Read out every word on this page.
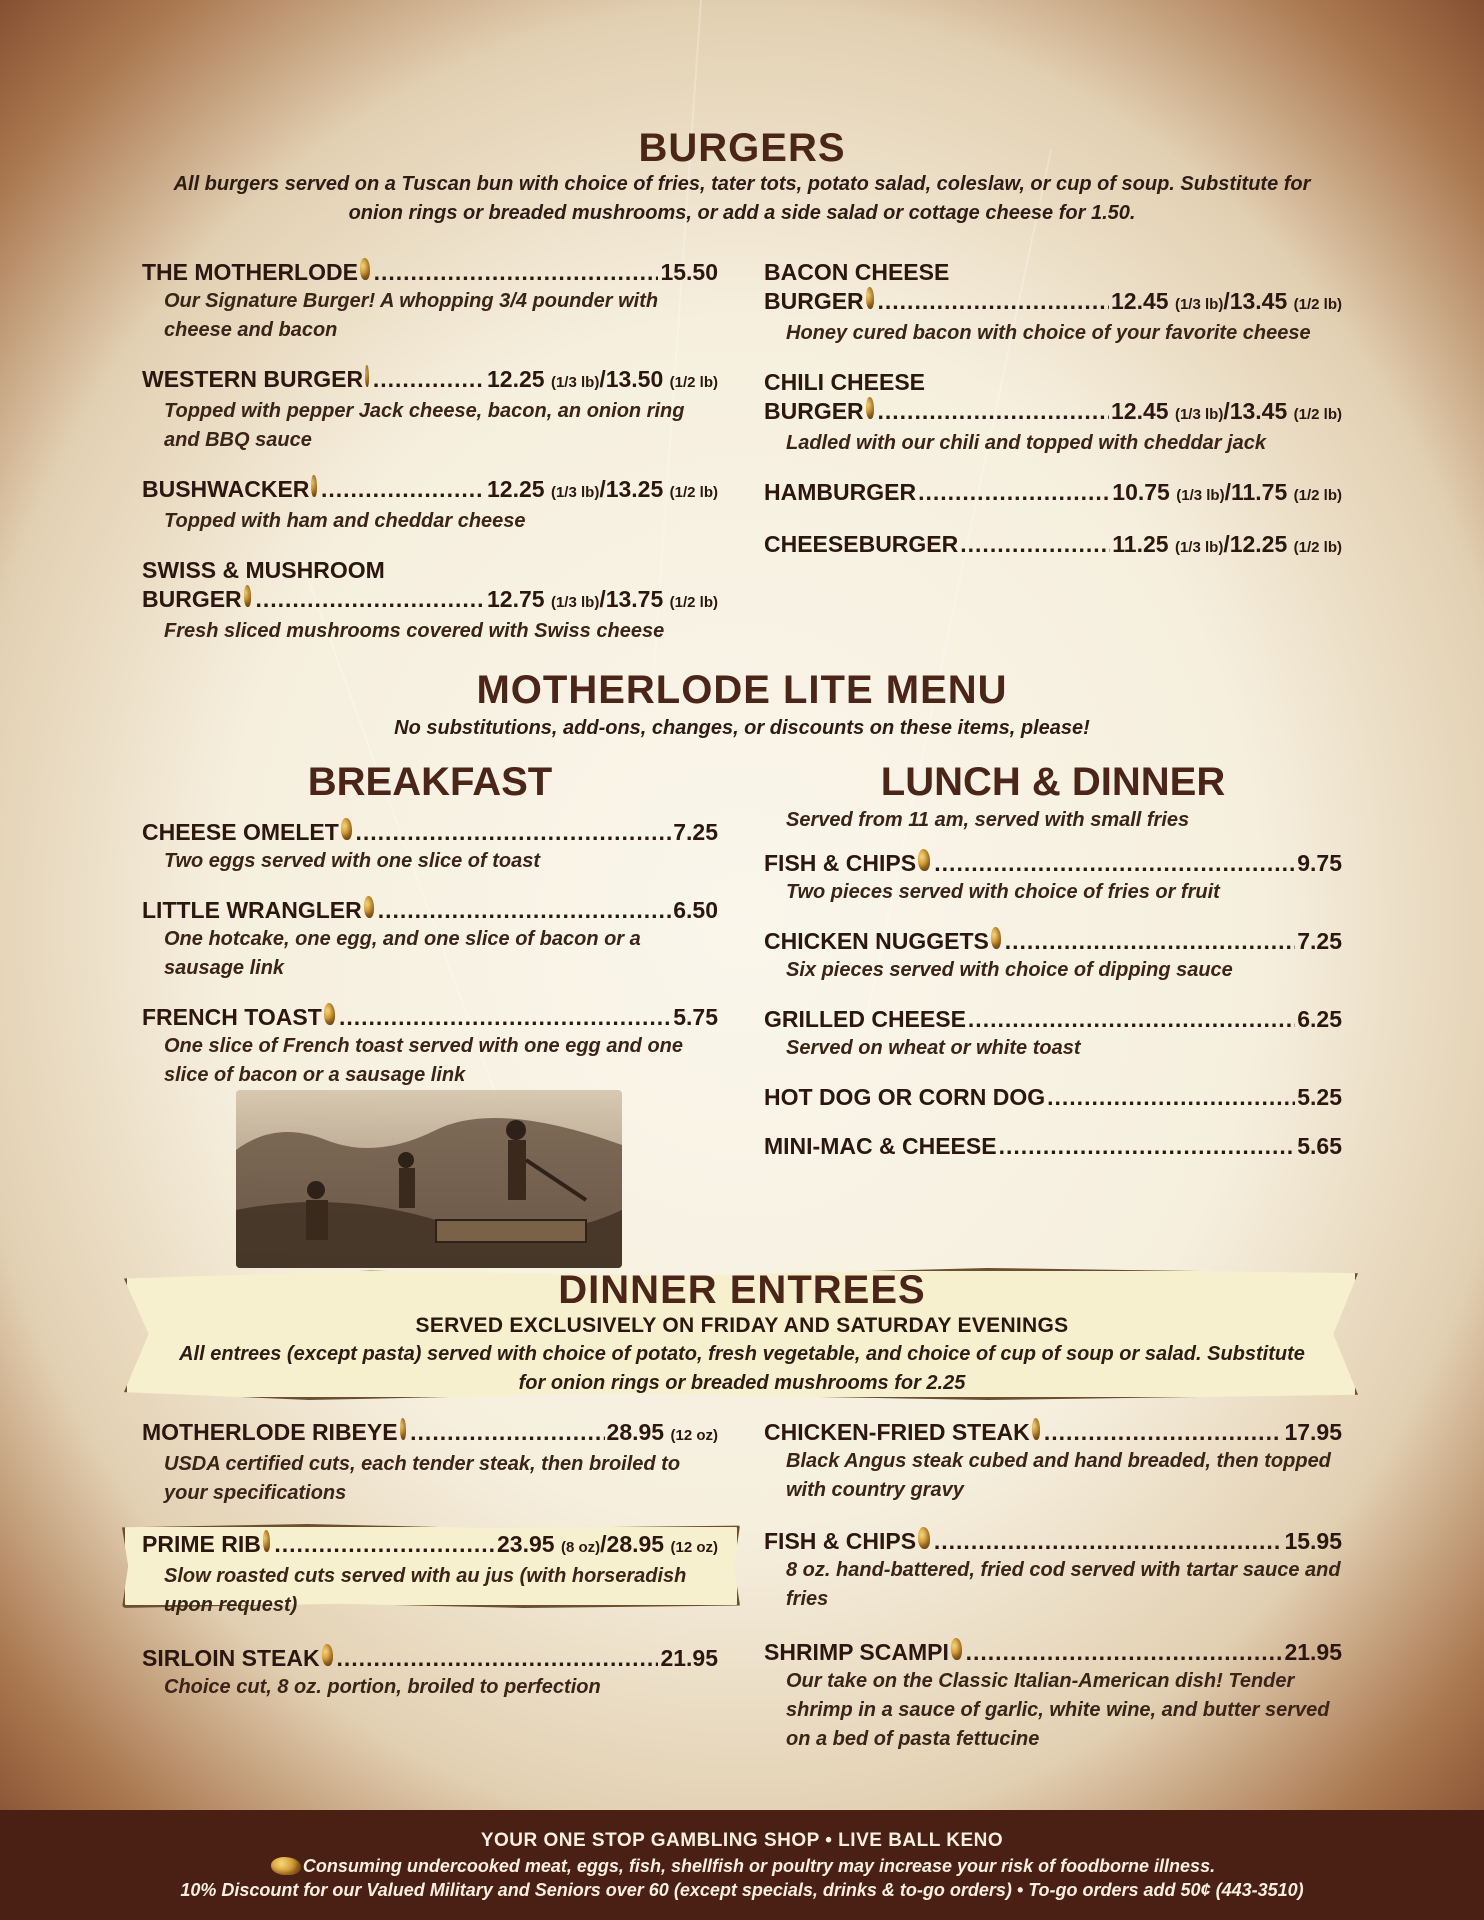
BURGERS
All burgers served on a Tuscan bun with choice of fries, tater tots, potato salad, coleslaw, or cup of soup. Substitute for onion rings or breaded mushrooms, or add a side salad or cottage cheese for 1.50.
THE MOTHERLODE .....	15.50
Our Signature Burger! A whopping 3/4 pounder with cheese and bacon
WESTERN BURGER .....	12.25 (1/3 lb)/13.50 (1/2 lb)
Topped with pepper Jack cheese, bacon, an onion ring and BBQ sauce
BUSHWACKER .....	12.25 (1/3 lb)/13.25 (1/2 lb)
Topped with ham and cheddar cheese
SWISS & MUSHROOM
BURGER .....	12.75 (1/3 lb)/13.75 (1/2 lb)
Fresh sliced mushrooms covered with Swiss cheese
BACON CHEESE
BURGER .....	12.45 (1/3 lb)/13.45 (1/2 lb)
Honey cured bacon with choice of your favorite cheese
CHILI CHEESE
BURGER .....	12.45 (1/3 lb)/13.45 (1/2 lb)
Ladled with our chili and topped with cheddar jack
HAMBURGER .....	10.75 (1/3 lb)/11.75 (1/2 lb)
CHEESEBURGER .....	11.25 (1/3 lb)/12.25 (1/2 lb)
MOTHERLODE LITE MENU
No substitutions, add-ons, changes, or discounts on these items, please!
BREAKFAST
CHEESE OMELET .....	7.25
Two eggs served with one slice of toast
LITTLE WRANGLER .....	6.50
One hotcake, one egg, and one slice of bacon or a sausage link
FRENCH TOAST .....	5.75
One slice of French toast served with one egg and one slice of bacon or a sausage link
LUNCH & DINNER
Served from 11 am, served with small fries
FISH & CHIPS .....	9.75
Two pieces served with choice of fries or fruit
CHICKEN NUGGETS .....	7.25
Six pieces served with choice of dipping sauce
GRILLED CHEESE .....	6.25
Served on wheat or white toast
HOT DOG OR CORN DOG .....	5.25
MINI-MAC & CHEESE .....	5.65
DINNER ENTREES
SERVED EXCLUSIVELY ON FRIDAY AND SATURDAY EVENINGS
All entrees (except pasta) served with choice of potato, fresh vegetable, and choice of cup of soup or salad. Substitute for onion rings or breaded mushrooms for 2.25
MOTHERLODE RIBEYE .....	28.95 (12 oz)
USDA certified cuts, each tender steak, then broiled to your specifications
PRIME RIB .....	23.95 (8 oz)/28.95 (12 oz)
Slow roasted cuts served with au jus (with horseradish upon request)
SIRLOIN STEAK .....	21.95
Choice cut, 8 oz. portion, broiled to perfection
CHICKEN-FRIED STEAK .....	17.95
Black Angus steak cubed and hand breaded, then topped with country gravy
FISH & CHIPS .....	15.95
8 oz. hand-battered, fried cod served with tartar sauce and fries
SHRIMP SCAMPI .....	21.95
Our take on the Classic Italian-American dish! Tender shrimp in a sauce of garlic, white wine, and butter served on a bed of pasta fettucine
YOUR ONE STOP GAMBLING SHOP • LIVE BALL KENO
Consuming undercooked meat, eggs, fish, shellfish or poultry may increase your risk of foodborne illness.
10% Discount for our Valued Military and Seniors over 60 (except specials, drinks & to-go orders) • To-go orders add 50¢ (443-3510)
